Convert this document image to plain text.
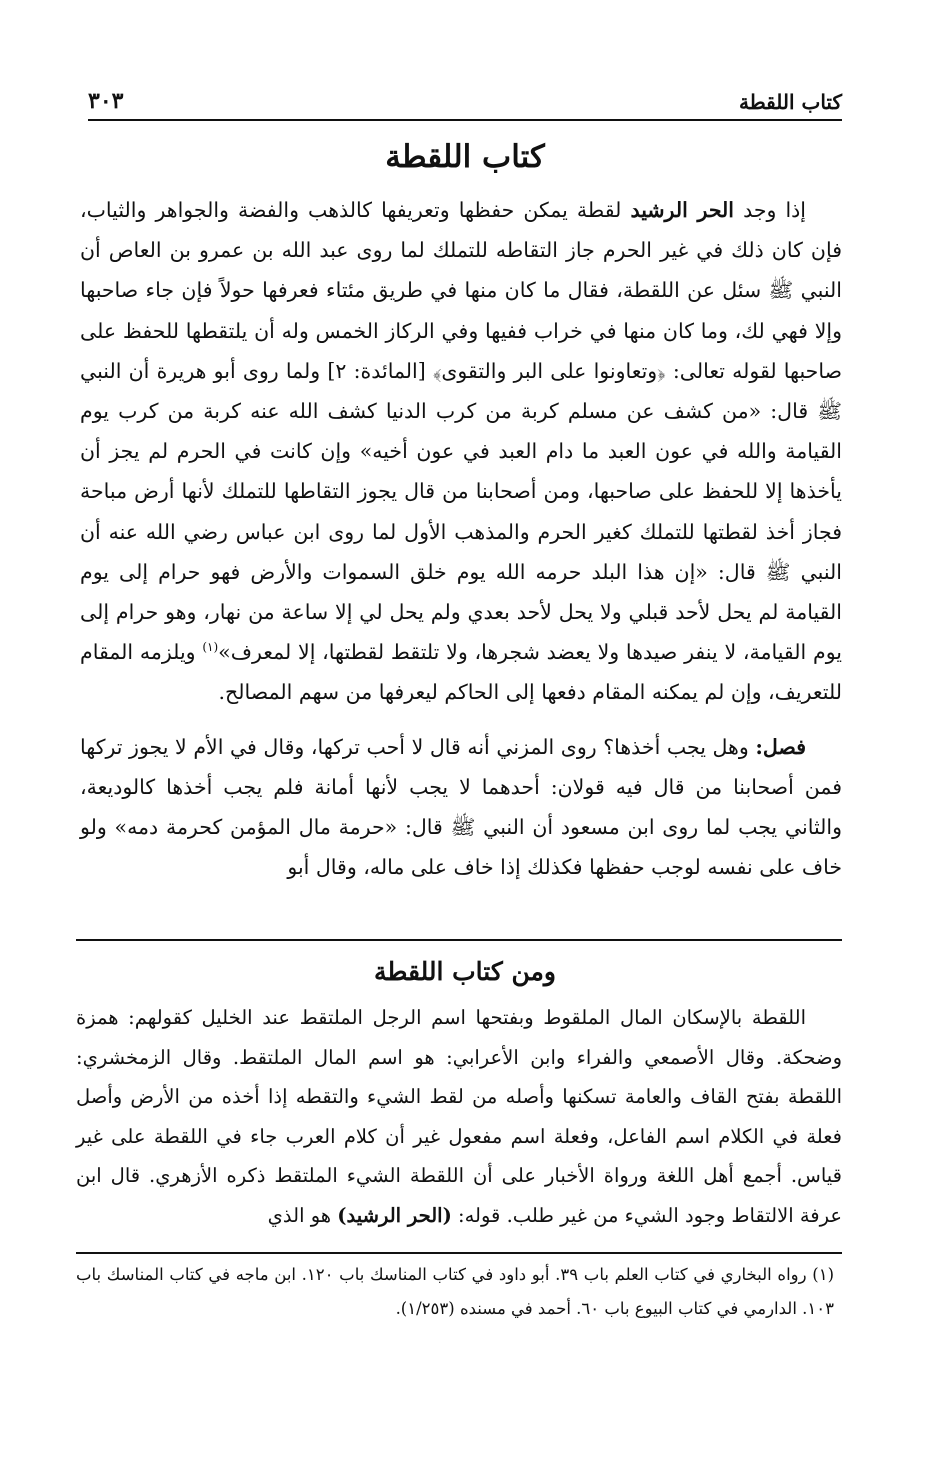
كتاب اللقطة
٣٠٣
كتاب اللقطة

إذا وجد الحر الرشيد لقطة يمكن حفظها وتعريفها كالذهب والفضة والجواهر والثياب، فإن كان ذلك في غير الحرم جاز التقاطه للتملك لما روى عبد الله بن عمرو بن العاص أن النبي ﷺ سئل عن اللقطة، فقال ما كان منها في طريق مئتاء فعرفها حولاً فإن جاء صاحبها وإلا فهي لك، وما كان منها في خراب ففيها وفي الركاز الخمس وله أن يلتقطها للحفظ على صاحبها لقوله تعالى: ﴿وتعاونوا على البر والتقوى﴾ [المائدة: ٢] ولما روى أبو هريرة أن النبي ﷺ قال: «من كشف عن مسلم كربة من كرب الدنيا كشف الله عنه كربة من كرب يوم القيامة والله في عون العبد ما دام العبد في عون أخيه» وإن كانت في الحرم لم يجز أن يأخذها إلا للحفظ على صاحبها، ومن أصحابنا من قال يجوز التقاطها للتملك لأنها أرض مباحة فجاز أخذ لقطتها للتملك كغير الحرم والمذهب الأول لما روى ابن عباس رضي الله عنه أن النبي ﷺ قال: «إن هذا البلد حرمه الله يوم خلق السموات والأرض فهو حرام إلى يوم القيامة لم يحل لأحد قبلي ولا يحل لأحد بعدي ولم يحل لي إلا ساعة من نهار، وهو حرام إلى يوم القيامة، لا ينفر صيدها ولا يعضد شجرها، ولا تلتقط لقطتها، إلا لمعرف»$^{(١)}$ ويلزمه المقام للتعريف، وإن لم يمكنه المقام دفعها إلى الحاكم ليعرفها من سهم المصالح.

فصل: وهل يجب أخذها؟ روى المزني أنه قال لا أحب تركها، وقال في الأم لا يجوز تركها فمن أصحابنا من قال فيه قولان: أحدهما لا يجب لأنها أمانة فلم يجب أخذها كالوديعة، والثاني يجب لما روى ابن مسعود أن النبي ﷺ قال: «حرمة مال المؤمن كحرمة دمه» ولو خاف على نفسه لوجب حفظها فكذلك إذا خاف على ماله، وقال أبو

ومن كتاب اللقطة

اللقطة بالإسكان المال الملقوط وبفتحها اسم الرجل الملتقط عند الخليل كقولهم: همزة وضحكة. وقال الأصمعي والفراء وابن الأعرابي: هو اسم المال الملتقط. وقال الزمخشري: اللقطة بفتح القاف والعامة تسكنها وأصله من لقط الشيء والتقطه إذا أخذه من الأرض وأصل فعلة في الكلام اسم الفاعل، وفعلة اسم مفعول غير أن كلام العرب جاء في اللقطة على غير قياس. أجمع أهل اللغة ورواة الأخبار على أن اللقطة الشيء الملتقط ذكره الأزهري. قال ابن عرفة الالتقاط وجود الشيء من غير طلب. قوله: (الحر الرشيد) هو الذي

(١) رواه البخاري في كتاب العلم باب ٣٩. أبو داود في كتاب المناسك باب ١٢٠. ابن ماجه في كتاب المناسك باب ١٠٣. الدارمي في كتاب البيوع باب ٦٠. أحمد في مسنده (١/٢٥٣).
